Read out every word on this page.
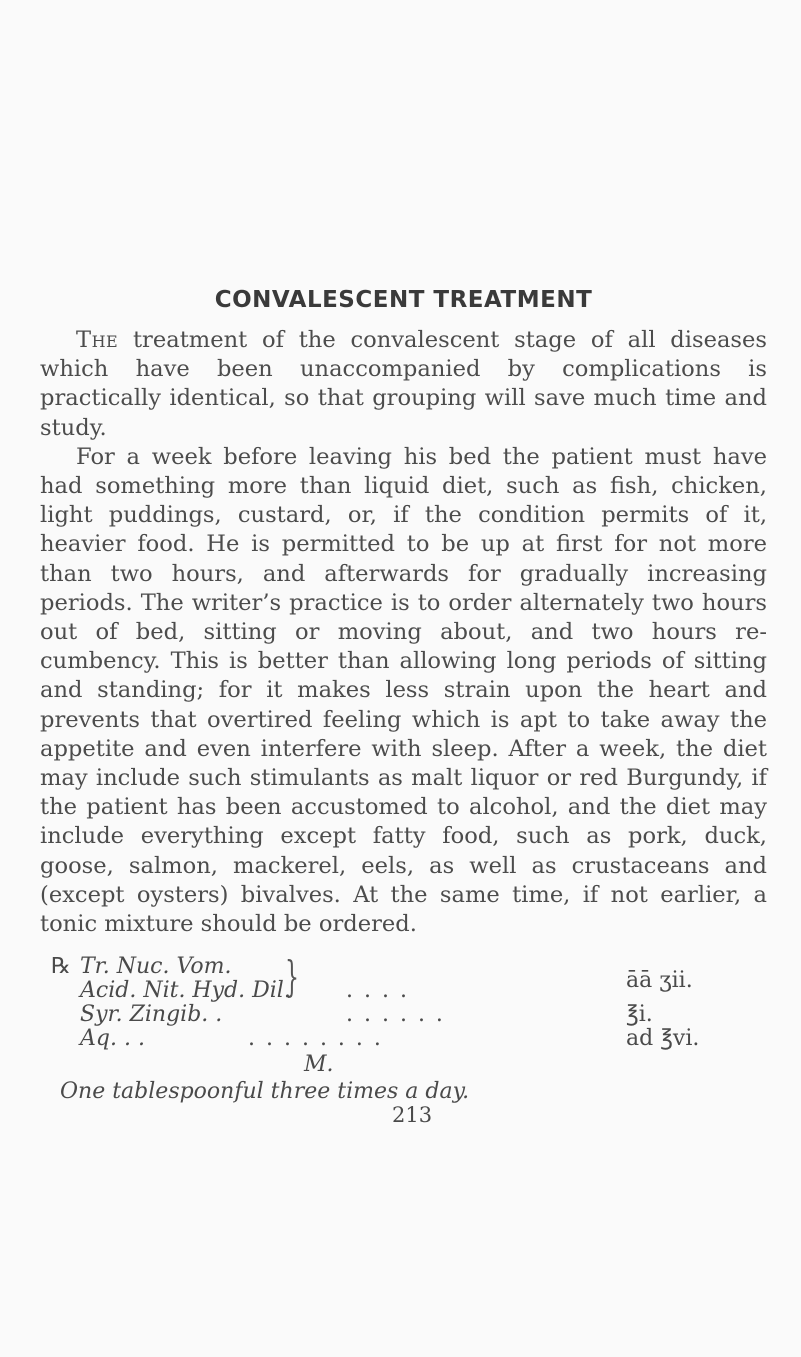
CONVALESCENT TREATMENT

The treatment of the convalescent stage of all diseases which have been unaccompanied by complications is practically identical, so that grouping will save much time and study.

For a week before leaving his bed the patient must have had something more than liquid diet, such as fish, chicken, light puddings, custard, or, if the condition permits of it, heavier food. He is permitted to be up at first for not more than two hours, and afterwards for gradually increasing periods. The writer’s practice is to order alternately two hours out of bed, sitting or moving about, and two hours recumbency. This is better than allowing long periods of sitting and standing; for it makes less strain upon the heart and prevents that overtired feeling which is apt to take away the appetite and even interfere with sleep. After a week, the diet may include such stimulants as malt liquor or red Burgundy, if the patient has been accustomed to alcohol, and the diet may include everything except fatty food, such as pork, duck, goose, salmon, mackerel, eels, as well as crustaceans and (except oysters) bivalves. At the same time, if not earlier, a tonic mixture should be ordered.

℞ Tr. Nuc. Vom. }
Acid. Nit. Hyd. Dil.	. . . .	āā ʒii.
Syr. Zingib. .	. . . . . .	℥i.
Aq. . .	. . . . . . . .	ad ℥vi.
M.
One tablespoonful three times a day.
213
